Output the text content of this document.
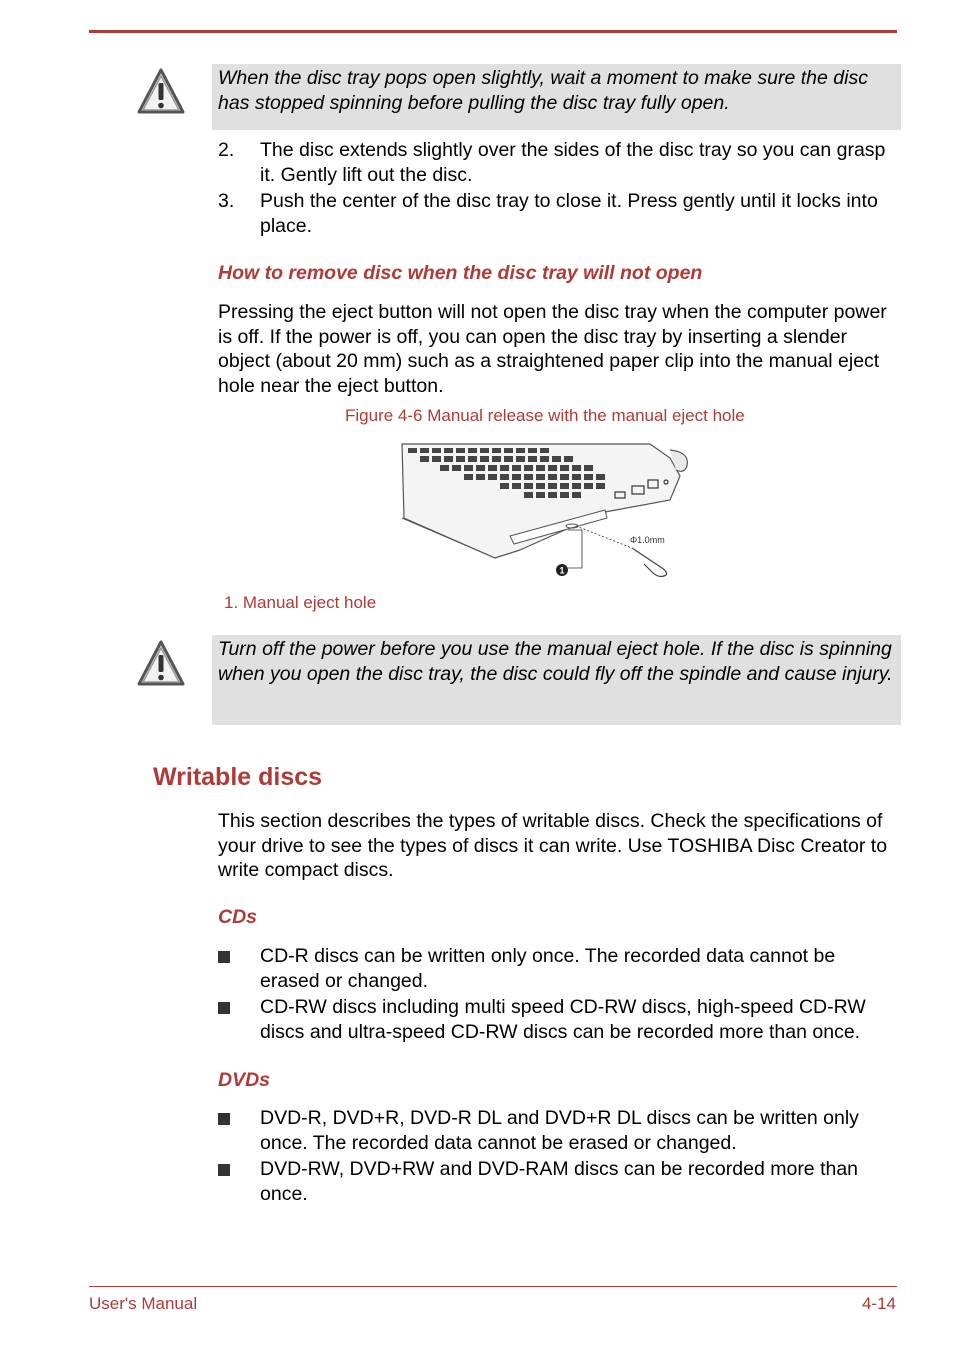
When the disc tray pops open slightly, wait a moment to make sure the disc has stopped spinning before pulling the disc tray fully open.
2. The disc extends slightly over the sides of the disc tray so you can grasp it. Gently lift out the disc.
3. Push the center of the disc tray to close it. Press gently until it locks into place.
How to remove disc when the disc tray will not open
Pressing the eject button will not open the disc tray when the computer power is off. If the power is off, you can open the disc tray by inserting a slender object (about 20 mm) such as a straightened paper clip into the manual eject hole near the eject button.
Figure 4-6 Manual release with the manual eject hole
1
Φ1.0mm
1. Manual eject hole
Turn off the power before you use the manual eject hole. If the disc is spinning when you open the disc tray, the disc could fly off the spindle and cause injury.
Writable discs
This section describes the types of writable discs. Check the specifications of your drive to see the types of discs it can write. Use TOSHIBA Disc Creator to write compact discs.
CDs
CD-R discs can be written only once. The recorded data cannot be erased or changed.
CD-RW discs including multi speed CD-RW discs, high-speed CD-RW discs and ultra-speed CD-RW discs can be recorded more than once.
DVDs
DVD-R, DVD+R, DVD-R DL and DVD+R DL discs can be written only once. The recorded data cannot be erased or changed.
DVD-RW, DVD+RW and DVD-RAM discs can be recorded more than once.
User's Manual	4-14
